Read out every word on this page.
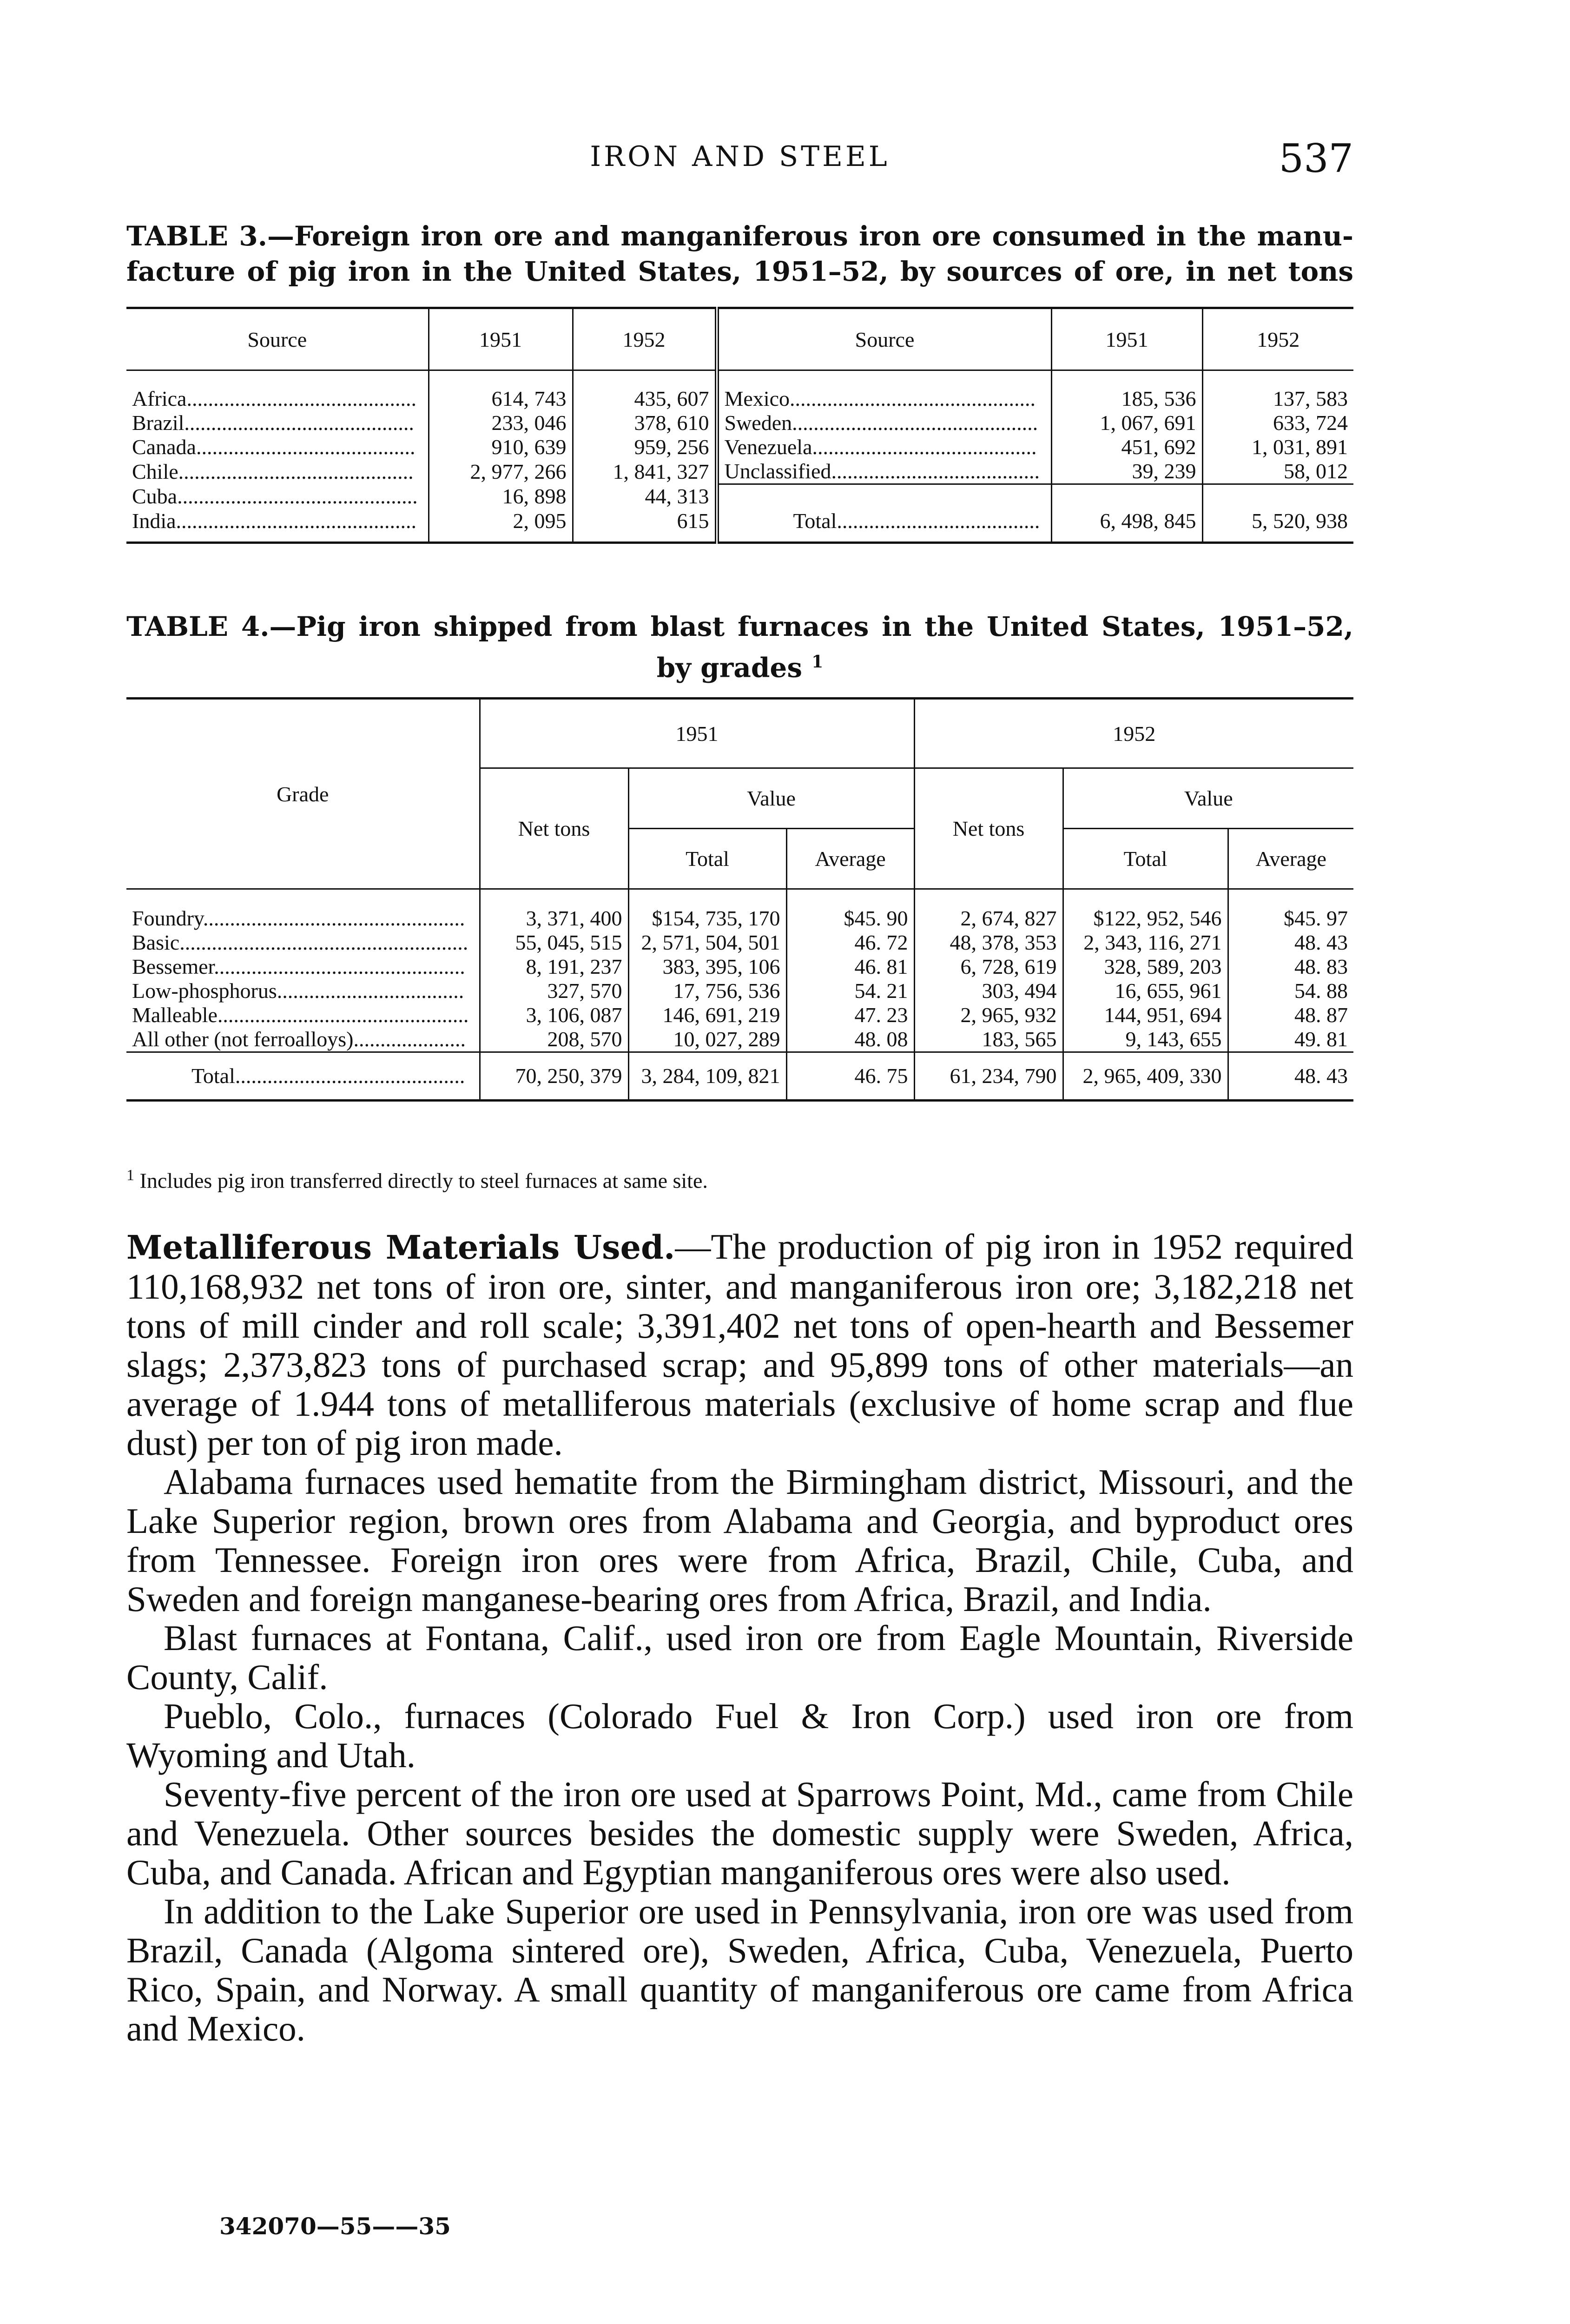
IRON AND STEEL	537
TABLE 3.—Foreign iron ore and manganiferous iron ore consumed in the manu-
facture of pig iron in the United States, 1951–52, by sources of ore, in net tons
Source	1951	1952	Source	1951	1952
Africa...........................................	614, 743	435, 607	Mexico..............................................	185, 536	137, 583
Brazil...........................................	233, 046	378, 610	Sweden..............................................	1, 067, 691	633, 724
Canada.........................................	910, 639	959, 256	Venezuela..........................................	451, 692	1, 031, 891
Chile............................................	2, 977, 266	1, 841, 327	Unclassified.......................................	39, 239	58, 012
Cuba.............................................	16, 898	44, 313			
India.............................................	2, 095	615	Total......................................	6, 498, 845	5, 520, 938
TABLE 4.—Pig iron shipped from blast furnaces in the United States, 1951–52,
by grades $^1$
Grade	1951			1952		
	Net tons	Value		Net tons	Value	
		Total	Average		Total	Average
Foundry.................................................	3, 371, 400	$154, 735, 170	$45. 90	2, 674, 827	$122, 952, 546	$45. 97
Basic......................................................	55, 045, 515	2, 571, 504, 501	46. 72	48, 378, 353	2, 343, 116, 271	48. 43
Bessemer...............................................	8, 191, 237	383, 395, 106	46. 81	6, 728, 619	328, 589, 203	48. 83
Low-phosphorus...................................	327, 570	17, 756, 536	54. 21	303, 494	16, 655, 961	54. 88
Malleable...............................................	3, 106, 087	146, 691, 219	47. 23	2, 965, 932	144, 951, 694	48. 87
All other (not ferroalloys).....................	208, 570	10, 027, 289	48. 08	183, 565	9, 143, 655	49. 81
Total...........................................	70, 250, 379	3, 284, 109, 821	46. 75	61, 234, 790	2, 965, 409, 330	48. 43
$^1$ Includes pig iron transferred directly to steel furnaces at same site.

Metalliferous Materials Used.—The production of pig iron in 1952 required 110,168,932 net tons of iron ore, sinter, and manganiferous iron ore; 3,182,218 net tons of mill cinder and roll scale; 3,391,402 net tons of open-hearth and Bessemer slags; 2,373,823 tons of purchased scrap; and 95,899 tons of other materials—an average of 1.944 tons of metalliferous materials (exclusive of home scrap and flue dust) per ton of pig iron made.

Alabama furnaces used hematite from the Birmingham district, Missouri, and the Lake Superior region, brown ores from Alabama and Georgia, and byproduct ores from Tennessee. Foreign iron ores were from Africa, Brazil, Chile, Cuba, and Sweden and foreign manganese-bearing ores from Africa, Brazil, and India.

Blast furnaces at Fontana, Calif., used iron ore from Eagle Mountain, Riverside County, Calif.

Pueblo, Colo., furnaces (Colorado Fuel & Iron Corp.) used iron ore from Wyoming and Utah.

Seventy-five percent of the iron ore used at Sparrows Point, Md., came from Chile and Venezuela. Other sources besides the domestic supply were Sweden, Africa, Cuba, and Canada. African and Egyptian manganiferous ores were also used.

In addition to the Lake Superior ore used in Pennsylvania, iron ore was used from Brazil, Canada (Algoma sintered ore), Sweden, Africa, Cuba, Venezuela, Puerto Rico, Spain, and Norway. A small quantity of manganiferous ore came from Africa and Mexico.

342070—55——35
